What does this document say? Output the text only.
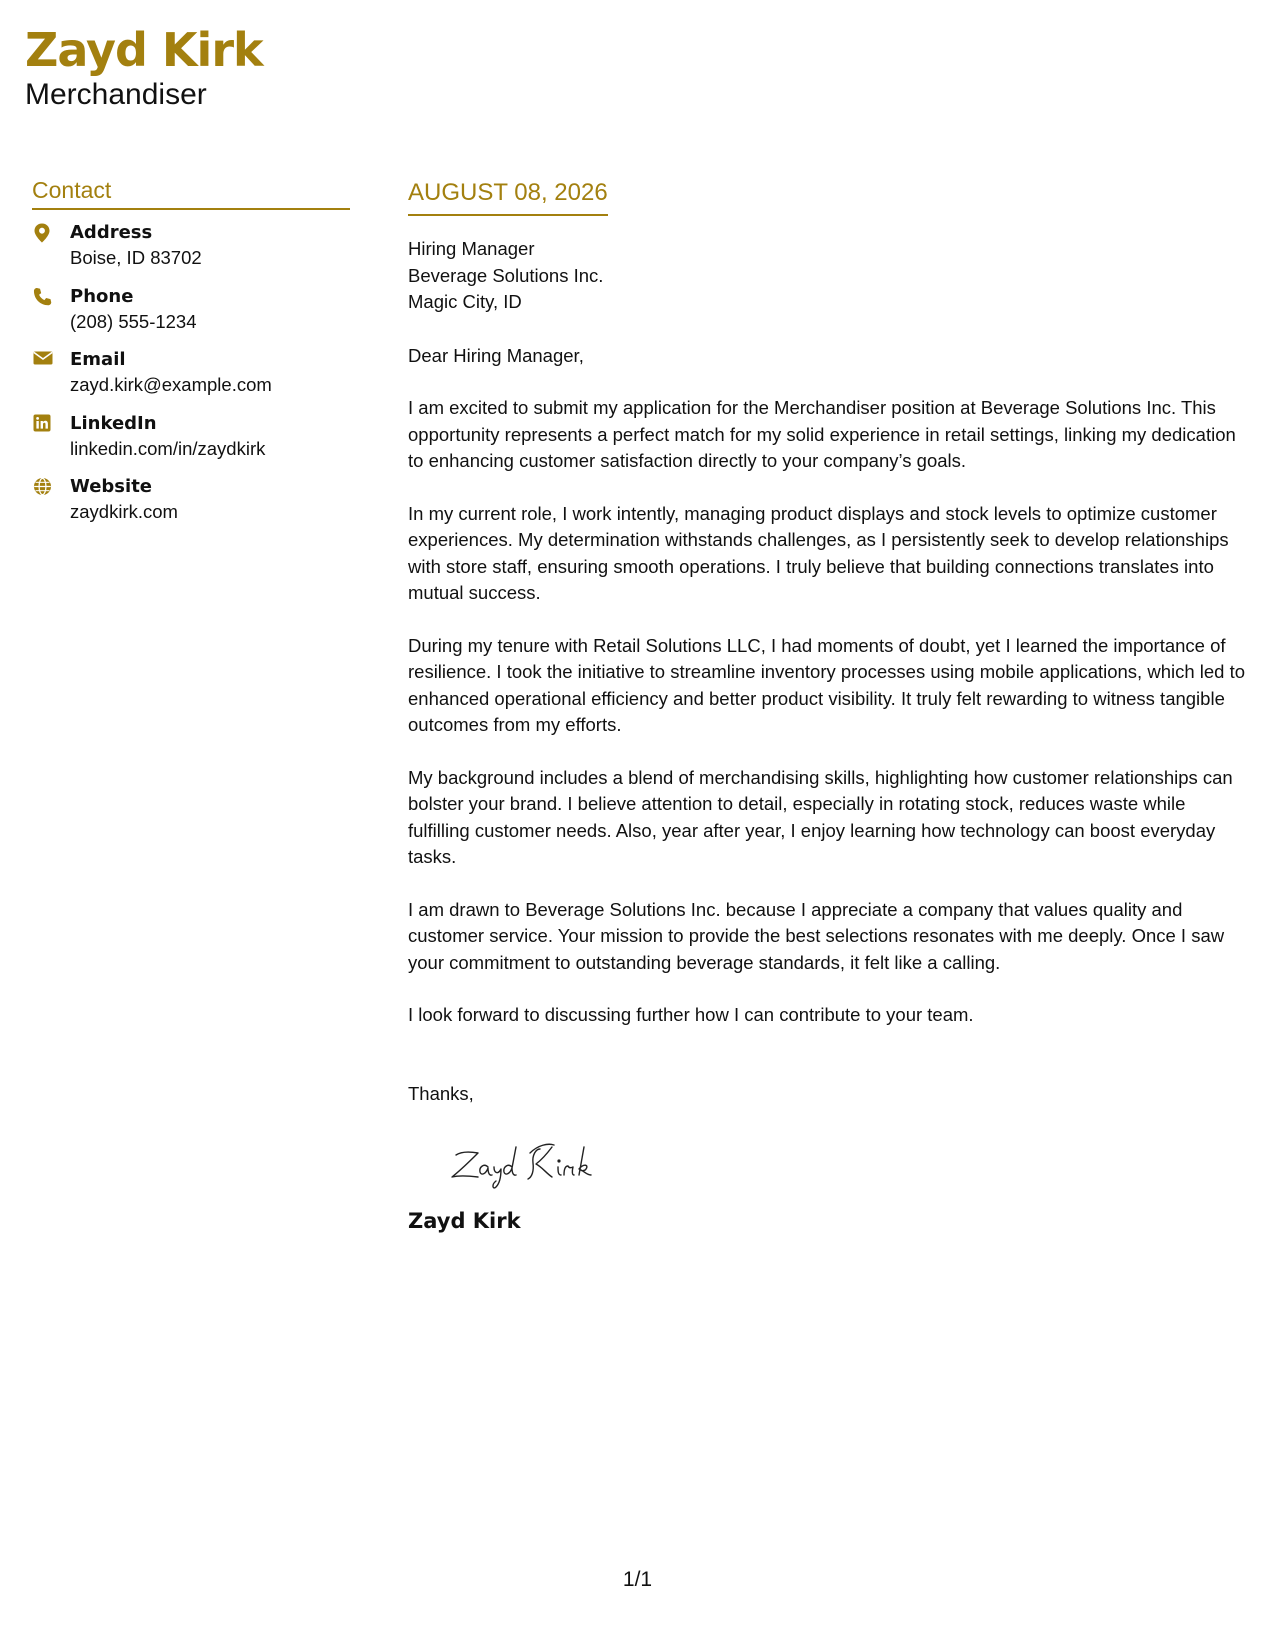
Zayd Kirk
Merchandiser
Contact
Address
Boise, ID 83702
Phone
(208) 555-1234
Email
zayd.kirk@example.com
LinkedIn
linkedin.com/in/zaydkirk
Website
zaydkirk.com
AUGUST 08, 2026
Hiring Manager
Beverage Solutions Inc.
Magic City, ID
Dear Hiring Manager,
I am excited to submit my application for the Merchandiser position at Beverage Solutions Inc. This opportunity represents a perfect match for my solid experience in retail settings, linking my dedication to enhancing customer satisfaction directly to your company’s goals.
In my current role, I work intently, managing product displays and stock levels to optimize customer experiences. My determination withstands challenges, as I persistently seek to develop relationships with store staff, ensuring smooth operations. I truly believe that building connections translates into mutual success.
During my tenure with Retail Solutions LLC, I had moments of doubt, yet I learned the importance of resilience. I took the initiative to streamline inventory processes using mobile applications, which led to enhanced operational efficiency and better product visibility. It truly felt rewarding to witness tangible outcomes from my efforts.
My background includes a blend of merchandising skills, highlighting how customer relationships can bolster your brand. I believe attention to detail, especially in rotating stock, reduces waste while fulfilling customer needs. Also, year after year, I enjoy learning how technology can boost everyday tasks.
I am drawn to Beverage Solutions Inc. because I appreciate a company that values quality and customer service. Your mission to provide the best selections resonates with me deeply. Once I saw your commitment to outstanding beverage standards, it felt like a calling.
I look forward to discussing further how I can contribute to your team.
Thanks,
Zayd Kirk
1/1
